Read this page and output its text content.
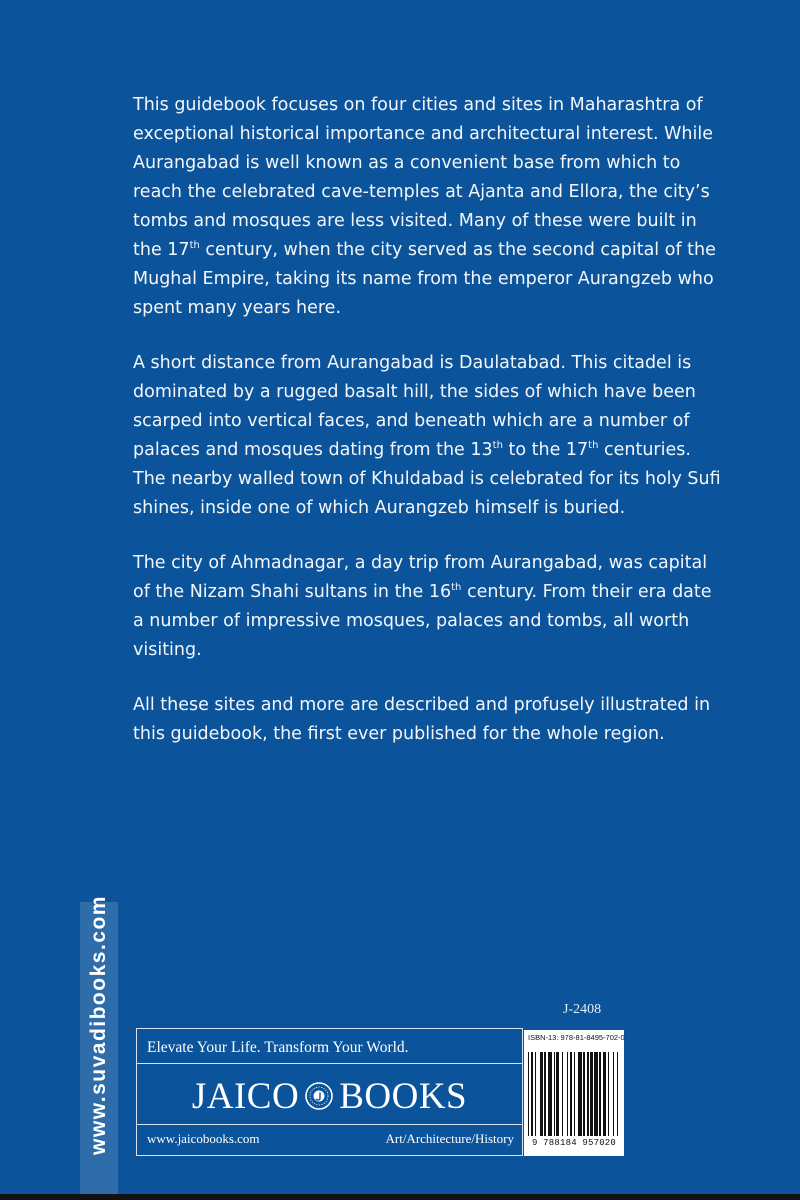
This guidebook focuses on four cities and sites in Maharashtra of exceptional historical importance and architectural interest. While Aurangabad is well known as a convenient base from which to reach the celebrated cave-temples at Ajanta and Ellora, the city’s tombs and mosques are less visited. Many of these were built in the 17th century, when the city served as the second capital of the Mughal Empire, taking its name from the emperor Aurangzeb who spent many years here.

A short distance from Aurangabad is Daulatabad. This citadel is dominated by a rugged basalt hill, the sides of which have been scarped into vertical faces, and beneath which are a number of palaces and mosques dating from the 13th to the 17th centuries. The nearby walled town of Khuldabad is celebrated for its holy Sufi shines, inside one of which Aurangzeb himself is buried.

The city of Ahmadnagar, a day trip from Aurangabad, was capital of the Nizam Shahi sultans in the 16th century. From their era date a number of impressive mosques, palaces and tombs, all worth visiting.

All these sites and more are described and profusely illustrated in this guidebook, the first ever published for the whole region.

www.suvadibooks.com	J-2408
Elevate Your Life. Transform Your World.
JAICO BOOKS
www.jaicobooks.com	Art/Architecture/History
ISBN-13: 978-81-8495-702-0
9 788184 957020
